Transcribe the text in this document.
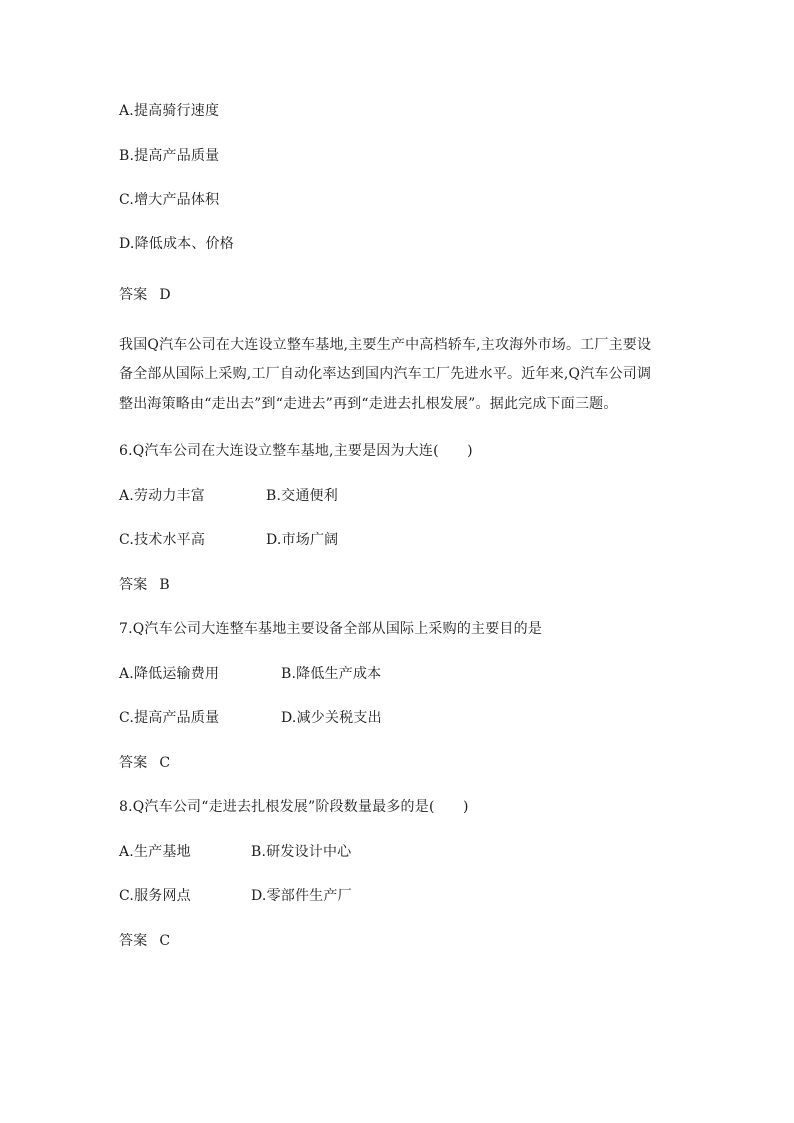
A.提高骑行速度
B.提高产品质量
C.增大产品体积
D.降低成本、价格
答案 D
我国Q汽车公司在大连设立整车基地,主要生产中高档轿车,主攻海外市场。工厂主要设
备全部从国际上采购,工厂自动化率达到国内汽车工厂先进水平。近年来,Q汽车公司调
整出海策略由“走出去”到“走进去”再到“走进去扎根发展”。据此完成下面三题。
6.Q汽车公司在大连设立整车基地,主要是因为大连(　　)
A.劳动力丰富	B.交通便利
C.技术水平高	D.市场广阔
答案 B
7.Q汽车公司大连整车基地主要设备全部从国际上采购的主要目的是
A.降低运输费用	B.降低生产成本
C.提高产品质量	D.减少关税支出
答案 C
8.Q汽车公司“走进去扎根发展”阶段数量最多的是(　　)
A.生产基地	B.研发设计中心
C.服务网点	D.零部件生产厂
答案 C
